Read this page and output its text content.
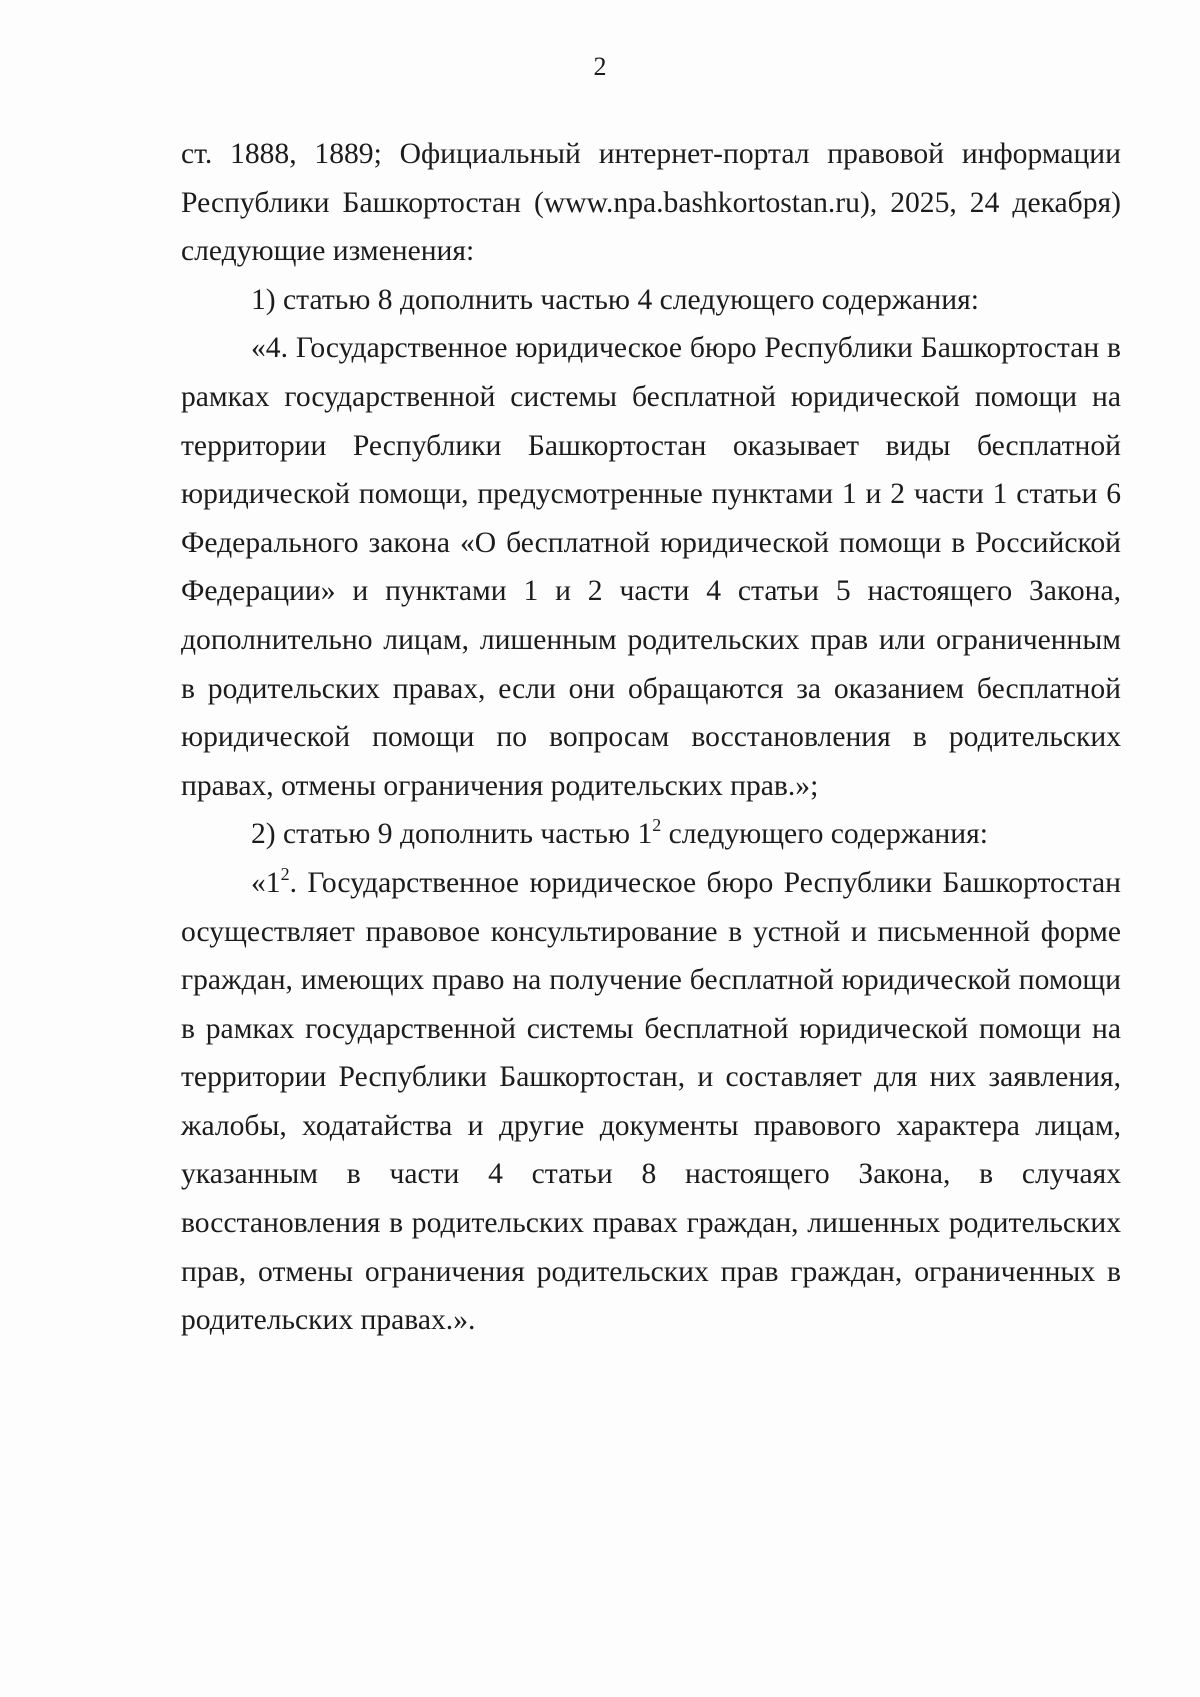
2

ст. 1888, 1889; Официальный интернет-портал правовой информации Республики Башкортостан (www.npa.bashkortostan.ru), 2025, 24 декабря) следующие изменения:

1) статью 8 дополнить частью 4 следующего содержания:

«4. Государственное юридическое бюро Республики Башкортостан в рамках государственной системы бесплатной юридической помощи на территории Республики Башкортостан оказывает виды бесплатной юридической помощи, предусмотренные пунктами 1 и 2 части 1 статьи 6 Федерального закона «О бесплатной юридической помощи в Российской Федерации» и пунктами 1 и 2 части 4 статьи 5 настоящего Закона, дополнительно лицам, лишенным родительских прав или ограниченным в родительских правах, если они обращаются за оказанием бесплатной юридической помощи по вопросам восстановления в родительских правах, отмены ограничения родительских прав.»;

2) статью 9 дополнить частью $1^2$ следующего содержания:

«$1^2$. Государственное юридическое бюро Республики Башкортостан осуществляет правовое консультирование в устной и письменной форме граждан, имеющих право на получение бесплатной юридической помощи в рамках государственной системы бесплатной юридической помощи на территории Республики Башкортостан, и составляет для них заявления, жалобы, ходатайства и другие документы правового характера лицам, указанным в части 4 статьи 8 настоящего Закона, в случаях восстановления в родительских правах граждан, лишенных родительских прав, отмены ограничения родительских прав граждан, ограниченных в родительских правах.».
